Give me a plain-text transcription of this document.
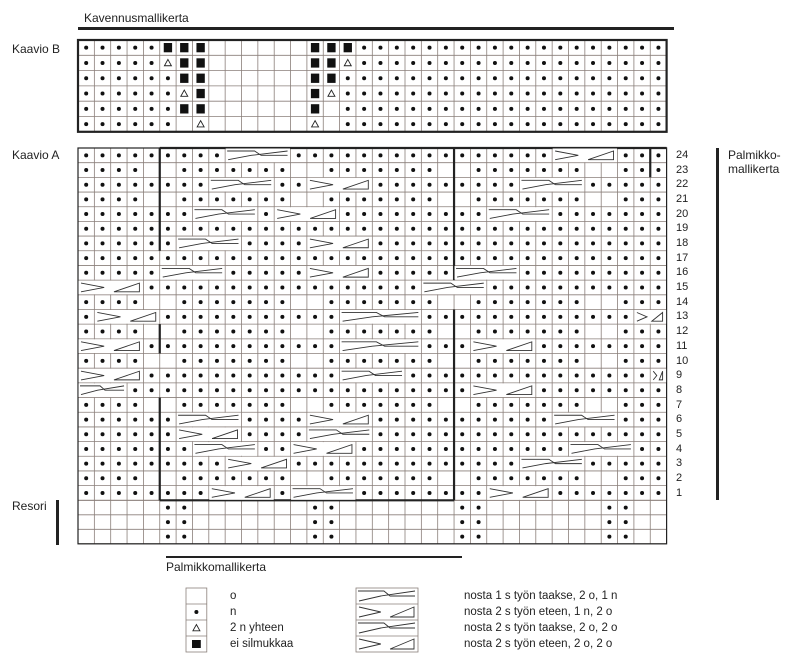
Kavennusmallikerta
Kaavio B
Kaavio A
Resori
Palmikko-
mallikerta
Palmikkomallikerta
24
23
22
21
20
19
18
17
16
15
14
13
12
11
10
9
8
7
6
5
4
3
2
1
o
n
2 n yhteen
ei silmukkaa
nosta 1 s työn taakse, 2 o, 1 n
nosta 2 s työn eteen, 1 n, 2 o
nosta 2 s työn taakse, 2 o, 2 o
nosta 2 s työn eteen, 2 o, 2 o
